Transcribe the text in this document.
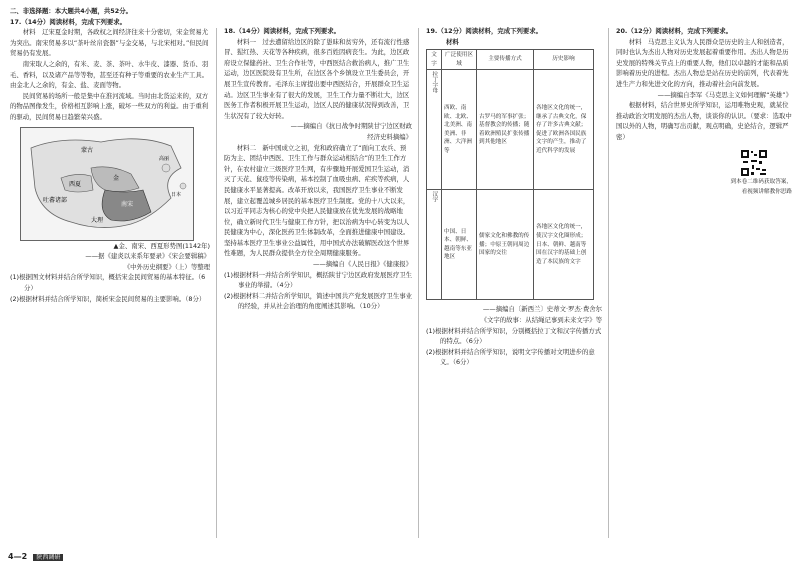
二、非选择题：本大题共4小题，共52分。

17.（14分）阅读材料，完成下列要求。

材料　辽宋夏金时期，各政权之间经济往来十分密切，宋金贸易尤为突出。南宋贸易多以“茶叶丝帛瓷器”与金交易，与北宋相对。”但民间贸易仍有发展。

南宋取人之余的，有米、麦、茶、茶叶、水牛皮、漆器、货币、羽毛、香料，以及诸产品等等物，甚至还有种子等重要的农业生产工具。由金北人之余的，有金、盐、麦面等物。

民间贸易的场所一般是集中在淮河流域。当时由北货运来的，双方的物品图像发生，价格相互影响上涨，破坏一些双方的利益。由于重利的驱动，民间贸易日趋繁荣兴盛。

蒙古
西夏
金
南宋
大理
吐蕃诸部
高丽
日本

▲金、南宋、西夏形势图(1142年)

——据《建炎以来系年要录》《宋会要辑稿》

《中外历史纲要》（上）等整理

(1)根据图文材料并结合所学知识，概括宋金民间贸易的基本特征。（6分）

(2)根据材料并结合所学知识，简析宋金民间贸易的主要影响。（8分）

18.（14分）阅读材料，完成下列要求。

材料一　过去遭留给边区的除了愚昧和贫穷外，还有流行性感冒、猩红热、天花等各种疾病，很多百姓因病丧生。为此，边区政府设立保健药社、卫生合作社等，中西医结合救治病人，推广卫生运动，边区医院设有卫生所，在边区各个乡镇设立卫生委员会，开展卫生宣传教育。毛泽东主席提出要中西医结合，开展群众卫生运动。边区卫生事业有了很大的发展，卫生工作力量不断壮大，边区医务工作者积极开展卫生运动，边区人民的健康状况得到改善，卫生状况有了较大好转。

——摘编自《抗日战争时期陕甘宁边区财政

经济史料摘编》

材料二　新中国成立之初，党和政府确立了“面向工农兵、预防为主、团结中西医、卫生工作与群众运动相结合”的卫生工作方针，在农村建立三级医疗卫生网，有步骤地开展爱国卫生运动，消灭了天花、鼠疫等传染病，基本控制了血吸虫病、疟疾等疾病，人民健康水平显著提高。改革开放以来，我国医疗卫生事业不断发展，建立起覆盖城乡居民的基本医疗卫生制度。党的十八大以来，以习近平同志为核心的党中央把人民健康放在优先发展的战略地位，确立新时代卫生与健康工作方针，把以治病为中心转变为以人民健康为中心，深化医药卫生体制改革，全面推进健康中国建设。坚持基本医疗卫生事业公益属性，用中国式办法破解医改这个世界性难题，为人民群众提供全方位全周期健康服务。

——摘编自《人民日报》《健康报》

(1)根据材料一并结合所学知识，概括陕甘宁边区政府发展医疗卫生事业的举措。（4分）

(2)根据材料二并结合所学知识，简述中国共产党发展医疗卫生事业的经验，并从社会治理的角度阐述其影响。（10分）

19.（12分）阅读材料，完成下列要求。

材料

文字	广泛使用区域	主要传播方式	历史影响
拉丁字母	西欧、南欧、北欧、北美洲、南美洲、非洲、大洋洲等	古罗马的军事扩张；基督教会的传播；随着欧洲殖民扩张传播到其他地区	各地区文化的统一，继承了古典文化，保存了许多古典文献；促进了欧洲各国民族文字的产生，推动了近代科学的发展
汉字	中国、日本、朝鲜、越南等东亚地区	儒家文化和佛教的传播；中原王朝同周边国家的交往	各地区文化的统一，使汉字文化圈形成；日本、朝鲜、越南等国在汉字的基础上创造了本民族的文字

——摘编自〔新西兰〕史蒂文·罗杰·费舍尔

《文字的故事：从结绳记事到未来文字》等

(1)根据材料并结合所学知识，分别概括拉丁文和汉字传播方式的特点。（6分）

(2)根据材料并结合所学知识，说明文字传播对文明进步的意义。（6分）

20.（12分）阅读材料，完成下列要求。

材料　马克思主义认为人民群众是历史的主人和创造者，同时也认为杰出人物对历史发展起着重要作用。杰出人物是历史发展的特殊关节点上的重要人物，他们以卓越的才能和品质影响着历史的进程。杰出人物总是站在历史的前列，代表着先进生产力和先进文化的方向，推动着社会向前发展。

——摘编自李军《马克思主义如何理解“英雄”》

根据材料，结合世界史所学知识，运用唯物史观，就某位推动政治文明发展的杰出人物，谈谈你的认识。（要求：选取中国以外的人物，明确写出贡献，观点明确，史论结合，逻辑严密）

到本卷二维码获取答案，

看视频讲解教你思路

4—2 陕西调研
